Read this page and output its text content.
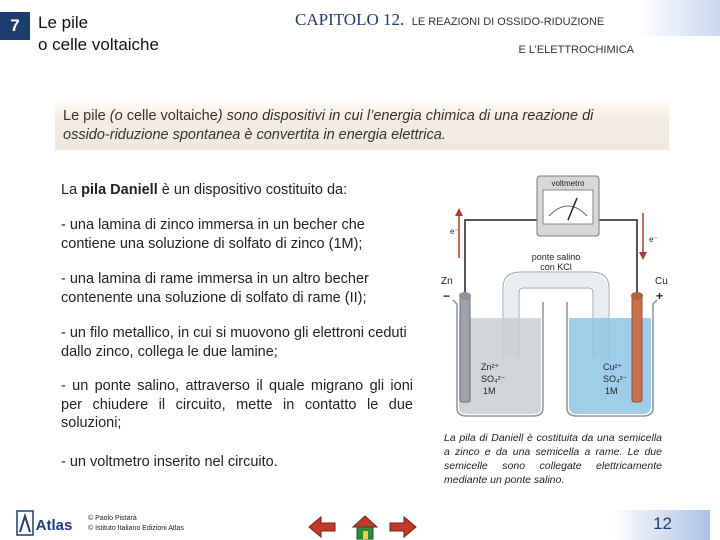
7	Le pile
o celle voltaiche
CAPITOLO 12. LE REAZIONI DI OSSIDO-RIDUZIONE
E L’ELETTROCHIMICA
Le pile (o celle voltaiche) sono dispositivi in cui l’energia chimica di una reazione di
ossido-riduzione spontanea è convertita in energia elettrica.
La pila Daniell è un dispositivo costituito da:
- una lamina di zinco immersa in un becher che contiene una soluzione di solfato di zinco (1M);
- una lamina di rame immersa in un altro becher contenente una soluzione di solfato di rame (II);
- un filo metallico, in cui si muovono gli elettroni ceduti dallo zinco, collega le due lamine;
- un ponte salino, attraverso il quale migrano gli ioni per chiudere il circuito, mette in contatto le due soluzioni;
- un voltmetro inserito nel circuito.
voltmetro
e⁻
e⁻
ponte salino
con KCl
Zn
−
Zn²⁺
SO₄²⁻
1M
Cu
+
Cu²⁺
SO₄²⁻
1M
La pila di Daniell è costituita da una semicella a zinco e da una semicella a rame. Le due semicelle sono collegate elettricamente mediante un ponte salino.
Atlas © Paolo Pistarà
© Istituto Italiano Edizioni Atlas	12
